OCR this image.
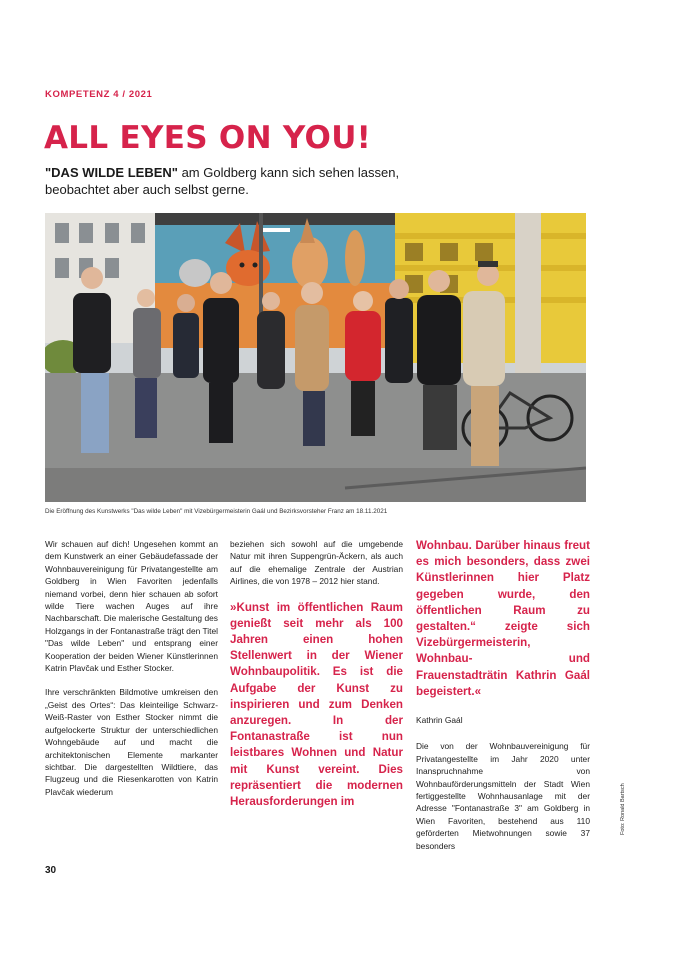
KOMPETENZ 4 / 2021
ALL EYES ON YOU!

"DAS WILDE LEBEN" am Goldberg kann sich sehen lassen, beobachtet aber auch selbst gerne.

Die Eröffnung des Kunstwerks "Das wilde Leben" mit Vizebürgermeisterin Gaál und Bezirksvorsteher Franz am 18.11.2021

Wir schauen auf dich! Ungesehen kommt an dem Kunstwerk an einer Gebäudefassade der Wohnbauvereinigung für Privatangestellte am Goldberg in Wien Favoriten jedenfalls niemand vorbei, denn hier schauen ab sofort wilde Tiere wachen Auges auf ihre Nachbarschaft. Die malerische Gestaltung des Holzgangs in der Fontanastraße trägt den Titel "Das wilde Leben" und entsprang einer Kooperation der beiden Wiener Künstlerinnen Katrin Plavčak und Esther Stocker.

Ihre verschränkten Bildmotive umkreisen den „Geist des Ortes“: Das kleinteilige Schwarz-Weiß-Raster von Esther Stocker nimmt die aufgelockerte Struktur der unterschiedlichen Wohngebäude auf und macht die architektonischen Elemente markanter sichtbar. Die dargestellten Wildtiere, das Flugzeug und die Riesenkarotten von Katrin Plavčak wiederum

beziehen sich sowohl auf die umgebende Natur mit ihren Suppengrün-Äckern, als auch auf die ehemalige Zentrale der Austrian Airlines, die von 1978 – 2012 hier stand.

»Kunst im öffentlichen Raum genießt seit mehr als 100 Jahren einen hohen Stellenwert in der Wiener Wohnbaupolitik. Es ist die Aufgabe der Kunst zu inspirieren und zum Denken anzuregen. In der Fontanastraße ist nun leistbares Wohnen und Natur mit Kunst vereint. Dies repräsentiert die modernen Herausforderungen im

Wohnbau. Darüber hinaus freut es mich besonders, dass zwei Künstlerinnen hier Platz gegeben wurde, den öffentlichen Raum zu gestalten.“ zeigte sich Vizebürgermeisterin, Wohnbau- und Frauenstadträtin Kathrin Gaál begeistert.«

Kathrin Gaál

Die von der Wohnbauvereinigung für Privatangestellte im Jahr 2020 unter Inanspruchnahme von Wohnbauförderungsmitteln der Stadt Wien fertiggestellte Wohnhausanlage mit der Adresse "Fontanastraße 3" am Goldberg in Wien Favoriten, bestehend aus 110 geförderten Mietwohnungen sowie 37 besonders

30
Foto: Ronald Bartsch
